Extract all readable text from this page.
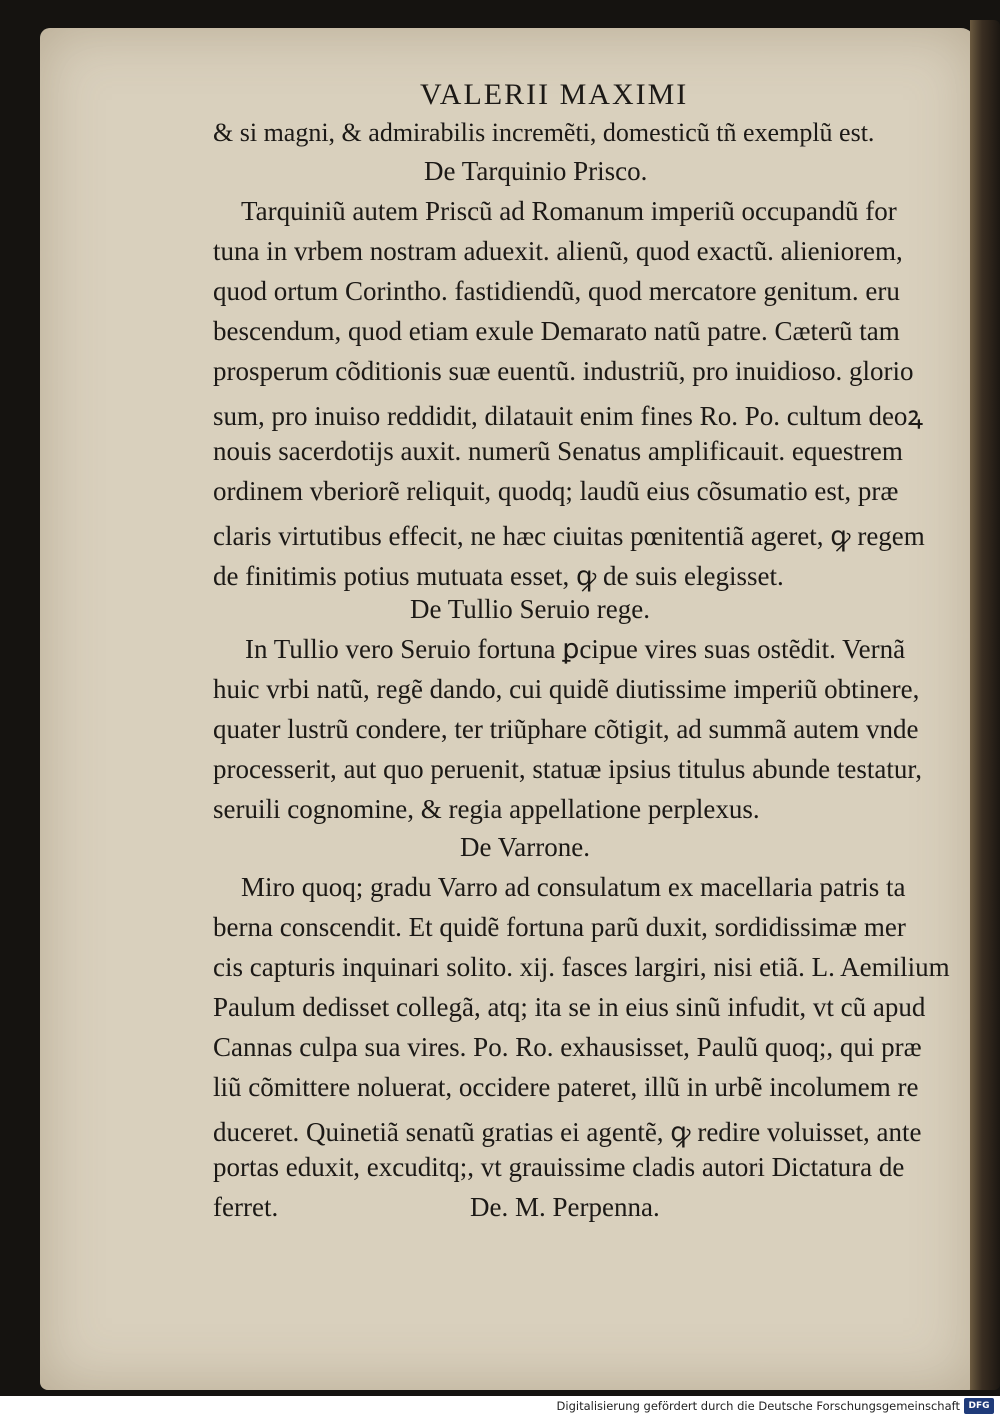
VALERII MAXIMI
& si magni, & admirabilis incremẽti, domesticũ tñ exemplũ est.
De Tarquinio Prisco.
Tarquiniũ autem Priscũ ad Romanum imperiũ occupandũ for
tuna in vrbem nostram aduexit. alienũ, quod exactũ. alieniorem,
quod ortum Corintho. fastidiendũ, quod mercatore genitum. eru
bescendum, quod etiam exule Demarato natũ patre. Cæterũ tam
prosperum cõditionis suæ euentũ. industriũ, pro inuidioso. glorio
sum, pro inuiso reddidit, dilatauit enim fines Ro. Po. cultum deoꝝ
nouis sacerdotijs auxit. numerũ Senatus amplificauit. equestrem
ordinem vberiorẽ reliquit, quodq; laudũ eius cõsumatio est, præ
claris virtutibus effecit, ne hæc ciuitas pœnitentiã ageret, ꝙ regem
de finitimis potius mutuata esset, ꝙ de suis elegisset.
De Tullio Seruio rege.
In Tullio vero Seruio fortuna ꝑcipue vires suas ostẽdit. Vernã
huic vrbi natũ, regẽ dando, cui quidẽ diutissime imperiũ obtinere,
quater lustrũ condere, ter triũphare cõtigit, ad summã autem vnde
processerit, aut quo peruenit, statuæ ipsius titulus abunde testatur,
seruili cognomine, & regia appellatione perplexus.
De Varrone.
Miro quoq; gradu Varro ad consulatum ex macellaria patris ta
berna conscendit. Et quidẽ fortuna parũ duxit, sordidissimæ mer
cis capturis inquinari solito. xij. fasces largiri, nisi etiã. L. Aemilium
Paulum dedisset collegã, atq; ita se in eius sinũ infudit, vt cũ apud
Cannas culpa sua vires. Po. Ro. exhausisset, Paulũ quoq;, qui præ
liũ cõmittere noluerat, occidere pateret, illũ in urbẽ incolumem re
duceret. Quinetiã senatũ gratias ei agentẽ, ꝙ redire voluisset, ante
portas eduxit, excuditq;, vt grauissime cladis autori Dictatura de
ferret.	De. M. Perpenna.
Digitalisierung gefördert durch die Deutsche Forschungsgemeinschaft DFG
